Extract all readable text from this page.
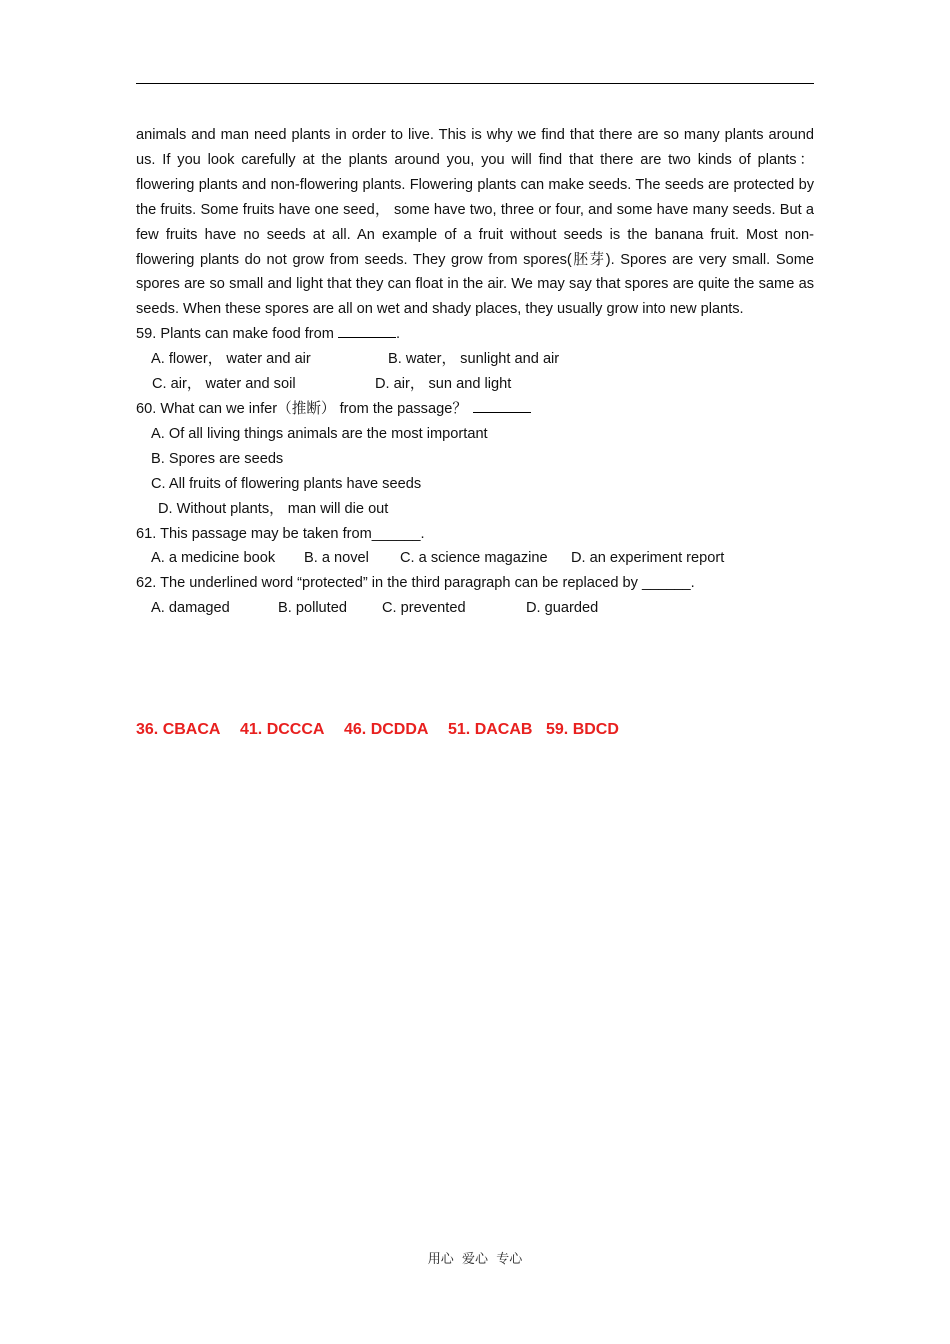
animals and man need plants in order to live. This is why we find that there are so many plants around us. If you look carefully at the plants around you, you will find that there are two kinds of plants： flowering plants and non-flowering plants. Flowering plants can make seeds. The seeds are protected by the fruits. Some fruits have one seed， some have two, three or four, and some have many seeds. But a few fruits have no seeds at all. An example of a fruit without seeds is the banana fruit. Most non-flowering plants do not grow from seeds. They grow from spores(胚芽). Spores are very small. Some spores are so small and light that they can float in the air. We may say that spores are quite the same as seeds. When these spores are all on wet and shady places, they usually grow into new plants.

59. Plants can make food from	.
A. flower， water and air	B. water， sunlight and air
C. air， water and soil	D. air， sun and light
60. What can we infer（推断） from the passage？
A. Of all living things animals are the most important
B. Spores are seeds
C. All fruits of flowering plants have seeds
D. Without plants， man will die out
61. This passage may be taken from______.
A. a medicine book B. a novel C. a science magazine D. an experiment report
62. The underlined word “protected” in the third paragraph can be replaced by ______.
A. damaged	B. polluted C. prevented	D. guarded

36. CBACA

41. DCCCA

46. DCDDA

51. DACAB

59. BDCD

用心  爱心  专心
